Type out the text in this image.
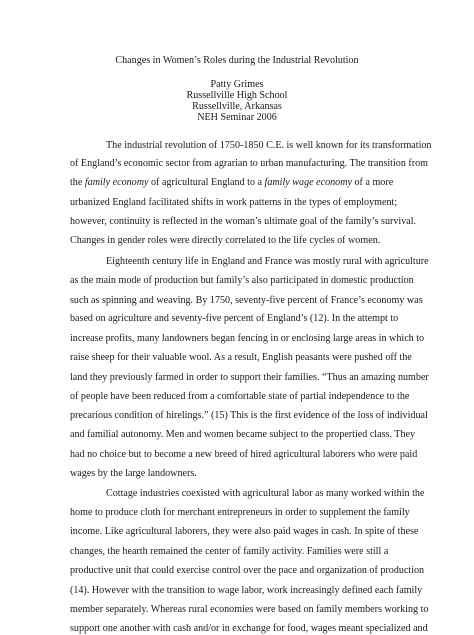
Changes in Women’s Roles during the Industrial Revolution
Patty Grimes
Russellville High School
Russellville, Arkansas
NEH Seminar 2006
The industrial revolution of 1750-1850 C.E. is well known for its transformation
of England’s economic sector from agrarian to urban manufacturing. The transition from
the family economy of agricultural England to a family wage economy of a more
urbanized England facilitated shifts in work patterns in the types of employment;
however, continuity is reflected in the woman’s ultimate goal of the family’s survival.
Changes in gender roles were directly correlated to the life cycles of women.
Eighteenth century life in England and France was mostly rural with agriculture
as the main mode of production but family’s also participated in domestic production
such as spinning and weaving. By 1750, seventy-five percent of France’s economy was
based on agriculture and seventy-five percent of England’s (12). In the attempt to
increase profits, many landowners began fencing in or enclosing large areas in which to
raise sheep for their valuable wool. As a result, English peasants were pushed off the
land they previously farmed in order to support their families. “Thus an amazing number
of people have been reduced from a comfortable state of partial independence to the
precarious condition of hirelings.” (15) This is the first evidence of the loss of individual
and familial autonomy. Men and women became subject to the propertied class. They
had no choice but to become a new breed of hired agricultural laborers who were paid
wages by the large landowners.
Cottage industries coexisted with agricultural labor as many worked within the
home to produce cloth for merchant entrepreneurs in order to supplement the family
income. Like agricultural laborers, they were also paid wages in cash. In spite of these
changes, the hearth remained the center of family activity. Families were still a
productive unit that could exercise control over the pace and organization of production
(14). However with the transition to wage labor, work increasingly defined each family
member separately. Whereas rural economies were based on family members working to
support one another with cash and/or in exchange for food, wages meant specialized and
